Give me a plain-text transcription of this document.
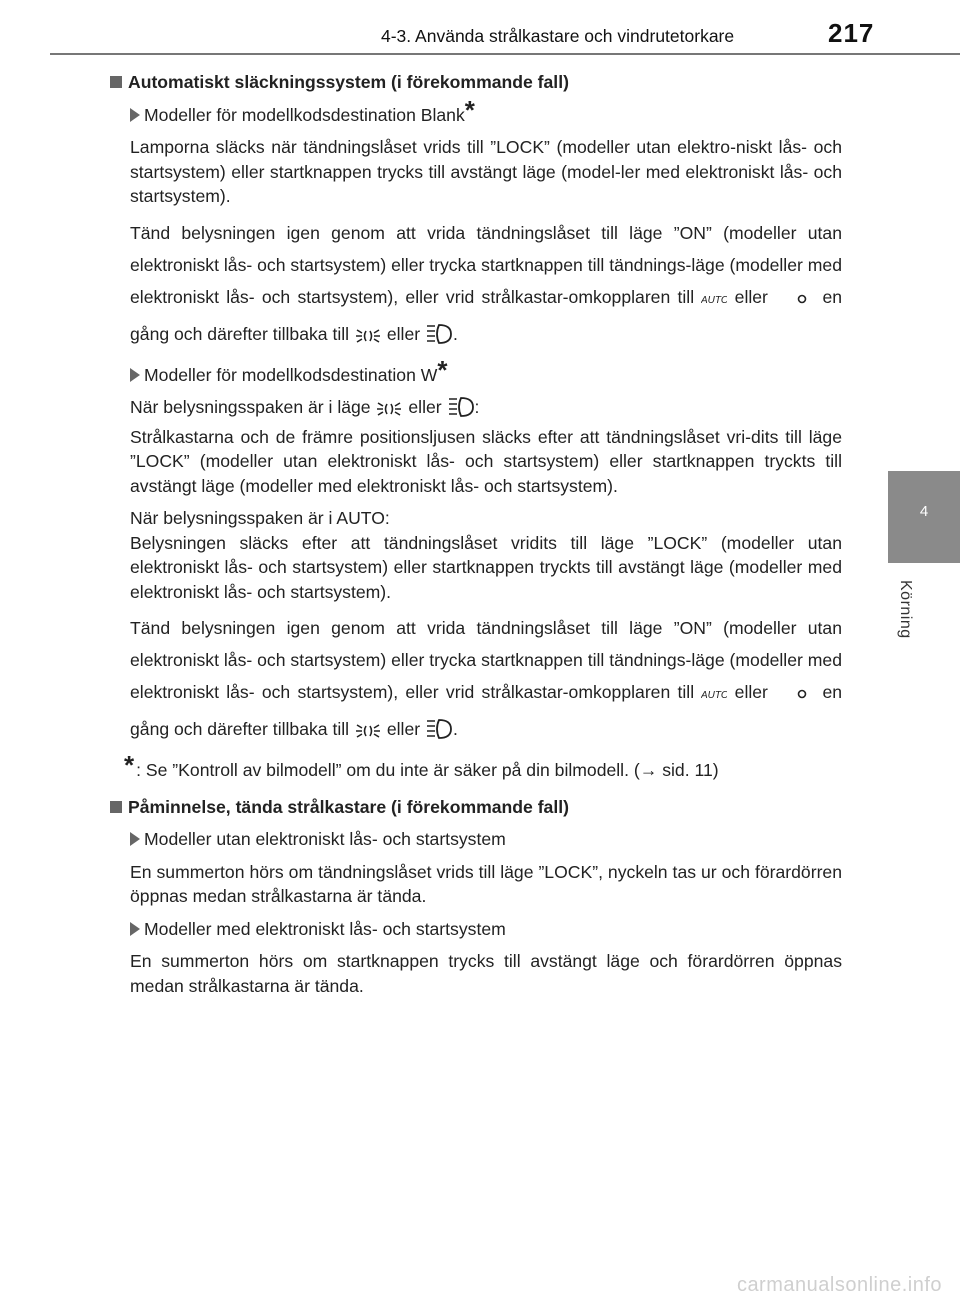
4-3. Använda strålkastare och vindrutetorkare	217
4
Körning
Automatiskt släckningssystem (i förekommande fall)
Modeller för modellkodsdestination Blank*
Lamporna släcks när tändningslåset vrids till ”LOCK” (modeller utan elektro-niskt lås- och startsystem) eller startknappen trycks till avstängt läge (model-ler med elektroniskt lås- och startsystem).
Tänd belysningen igen genom att vrida tändningslåset till läge ”ON” (modeller utan elektroniskt lås- och startsystem) eller trycka startknappen till tändnings-läge (modeller med elektroniskt lås- och startsystem), eller vrid strålkastar-omkopplaren till AUTO eller	en gång och därefter tillbaka till eller .
Modeller för modellkodsdestination W*
När belysningsspaken är i läge eller :
Strålkastarna och de främre positionsljusen släcks efter att tändningslåset vri-dits till läge ”LOCK” (modeller utan elektroniskt lås- och startsystem) eller startknappen tryckts till avstängt läge (modeller med elektroniskt lås- och startsystem).
När belysningsspaken är i AUTO:
Belysningen släcks efter att tändningslåset vridits till läge ”LOCK” (modeller utan elektroniskt lås- och startsystem) eller startknappen tryckts till avstängt läge (modeller med elektroniskt lås- och startsystem).
Tänd belysningen igen genom att vrida tändningslåset till läge ”ON” (modeller utan elektroniskt lås- och startsystem) eller trycka startknappen till tändnings-läge (modeller med elektroniskt lås- och startsystem), eller vrid strålkastar-omkopplaren till AUTO eller	en gång och därefter tillbaka till eller .
* : Se ”Kontroll av bilmodell” om du inte är säker på din bilmodell. (→ sid. 11)
Påminnelse, tända strålkastare (i förekommande fall)
Modeller utan elektroniskt lås- och startsystem
En summerton hörs om tändningslåset vrids till läge ”LOCK”, nyckeln tas ur och förardörren öppnas medan strålkastarna är tända.
Modeller med elektroniskt lås- och startsystem
En summerton hörs om startknappen trycks till avstängt läge och förardörren öppnas medan strålkastarna är tända.
carmanualsonline.info
